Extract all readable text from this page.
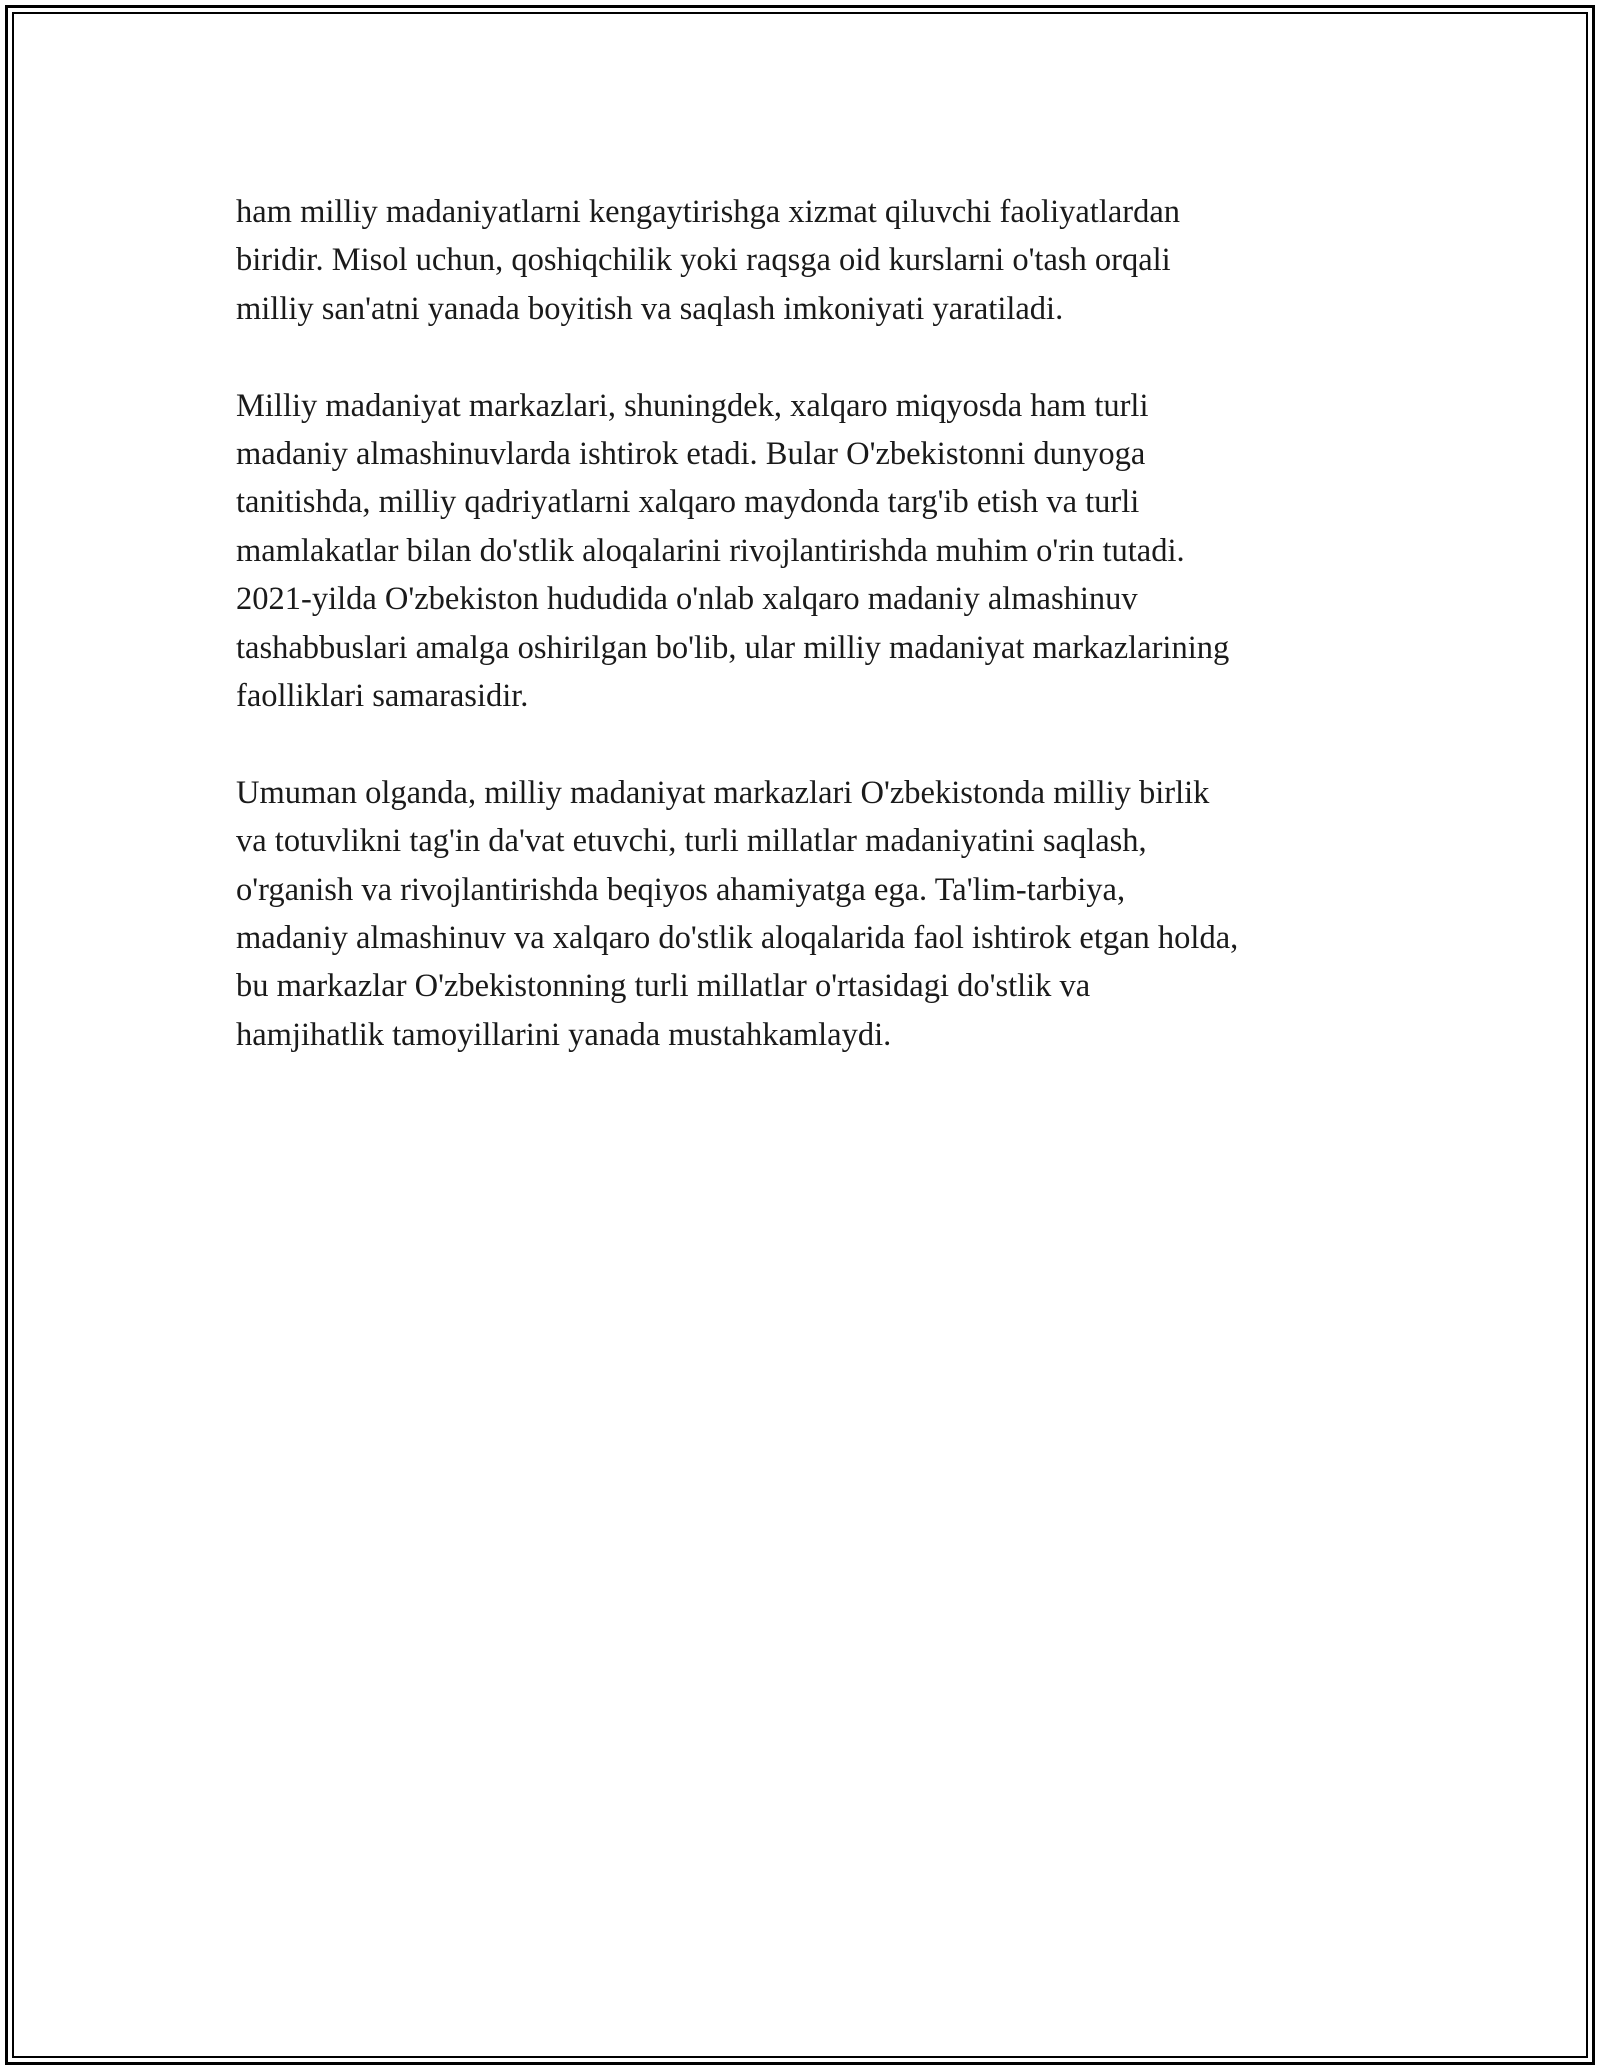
ham milliy madaniyatlarni kengaytirishga xizmat qiluvchi faoliyatlardan
biridir. Misol uchun, qoshiqchilik yoki raqsga oid kurslarni o'tash orqali
milliy san'atni yanada boyitish va saqlash imkoniyati yaratiladi.

Milliy madaniyat markazlari, shuningdek, xalqaro miqyosda ham turli
madaniy almashinuvlarda ishtirok etadi. Bular O'zbekistonni dunyoga
tanitishda, milliy qadriyatlarni xalqaro maydonda targ'ib etish va turli
mamlakatlar bilan do'stlik aloqalarini rivojlantirishda muhim o'rin tutadi.
2021-yilda O'zbekiston hududida o'nlab xalqaro madaniy almashinuv
tashabbuslari amalga oshirilgan bo'lib, ular milliy madaniyat markazlarining
faolliklari samarasidir.

Umuman olganda, milliy madaniyat markazlari O'zbekistonda milliy birlik
va totuvlikni tag'in da'vat etuvchi, turli millatlar madaniyatini saqlash,
o'rganish va rivojlantirishda beqiyos ahamiyatga ega. Ta'lim-tarbiya,
madaniy almashinuv va xalqaro do'stlik aloqalarida faol ishtirok etgan holda,
bu markazlar O'zbekistonning turli millatlar o'rtasidagi do'stlik va
hamjihatlik tamoyillarini yanada mustahkamlaydi.
